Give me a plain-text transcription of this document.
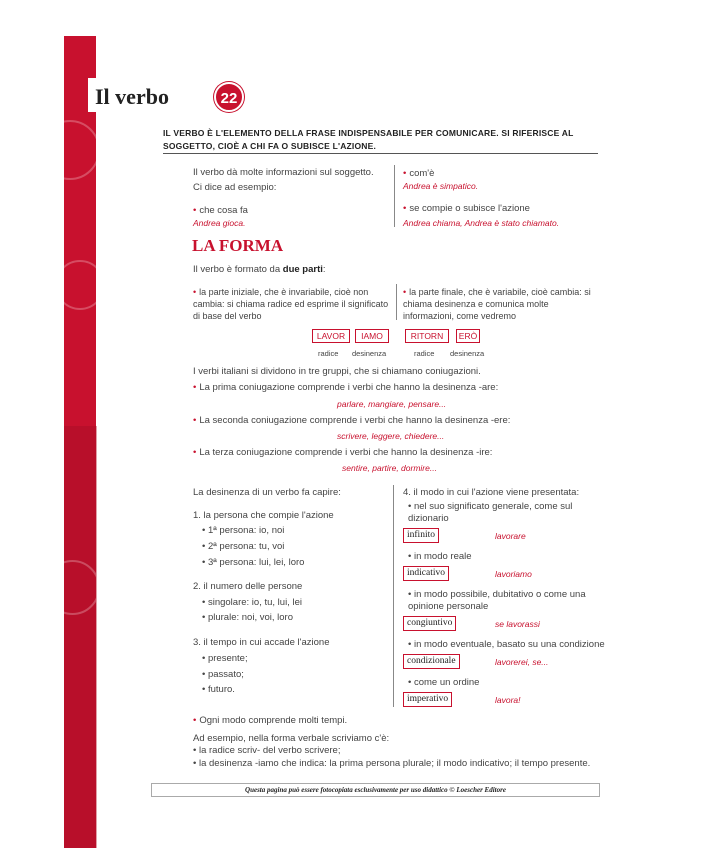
Il verbo	22
IL VERBO È L'ELEMENTO DELLA FRASE INDISPENSABILE PER COMUNICARE. SI RIFERISCE AL SOGGETTO, CIOÈ A CHI FA O SUBISCE L'AZIONE.
Il verbo dà molte informazioni sul soggetto.
Ci dice ad esempio:
• che cosa fa
Andrea gioca.
• com'è
Andrea è simpatico.
• se compie o subisce l'azione
Andrea chiama, Andrea è stato chiamato.
LA FORMA
Il verbo è formato da due parti:
• la parte iniziale, che è invariabile, cioè non cambia: si chiama radice ed esprime il significato di base del verbo
• la parte finale, che è variabile, cioè cambia: si chiama desinenza e comunica molte informazioni, come vedremo
LAVOR	IAMO	RITORN	ERÒ
radice desinenza	radice desinenza
I verbi italiani si dividono in tre gruppi, che si chiamano coniugazioni.
• La prima coniugazione comprende i verbi che hanno la desinenza -are:
parlare, mangiare, pensare...
• La seconda coniugazione comprende i verbi che hanno la desinenza -ere:
scrivere, leggere, chiedere...
• La terza coniugazione comprende i verbi che hanno la desinenza -ire:
sentire, partire, dormire...
La desinenza di un verbo fa capire:
1. la persona che compie l'azione
• 1ª persona: io, noi
• 2ª persona: tu, voi
• 3ª persona: lui, lei, loro
2. il numero delle persone
• singolare: io, tu, lui, lei
• plurale: noi, voi, loro
3. il tempo in cui accade l'azione
• presente;
• passato;
• futuro.
4. il modo in cui l'azione viene presentata:
• nel suo significato generale, come sul dizionario
infinito	lavorare
• in modo reale
indicativo	lavoriamo
• in modo possibile, dubitativo o come una opinione personale
congiuntivo	se lavorassi
• in modo eventuale, basato su una condizione
condizionale	lavorerei, se...
• come un ordine
imperativo	lavora!
• Ogni modo comprende molti tempi.
Ad esempio, nella forma verbale scriviamo c'è:
• la radice scriv- del verbo scrivere;
• la desinenza -iamo che indica: la prima persona plurale; il modo indicativo; il tempo presente.
Questa pagina può essere fotocopiata esclusivamente per uso didattico © Loescher Editore
